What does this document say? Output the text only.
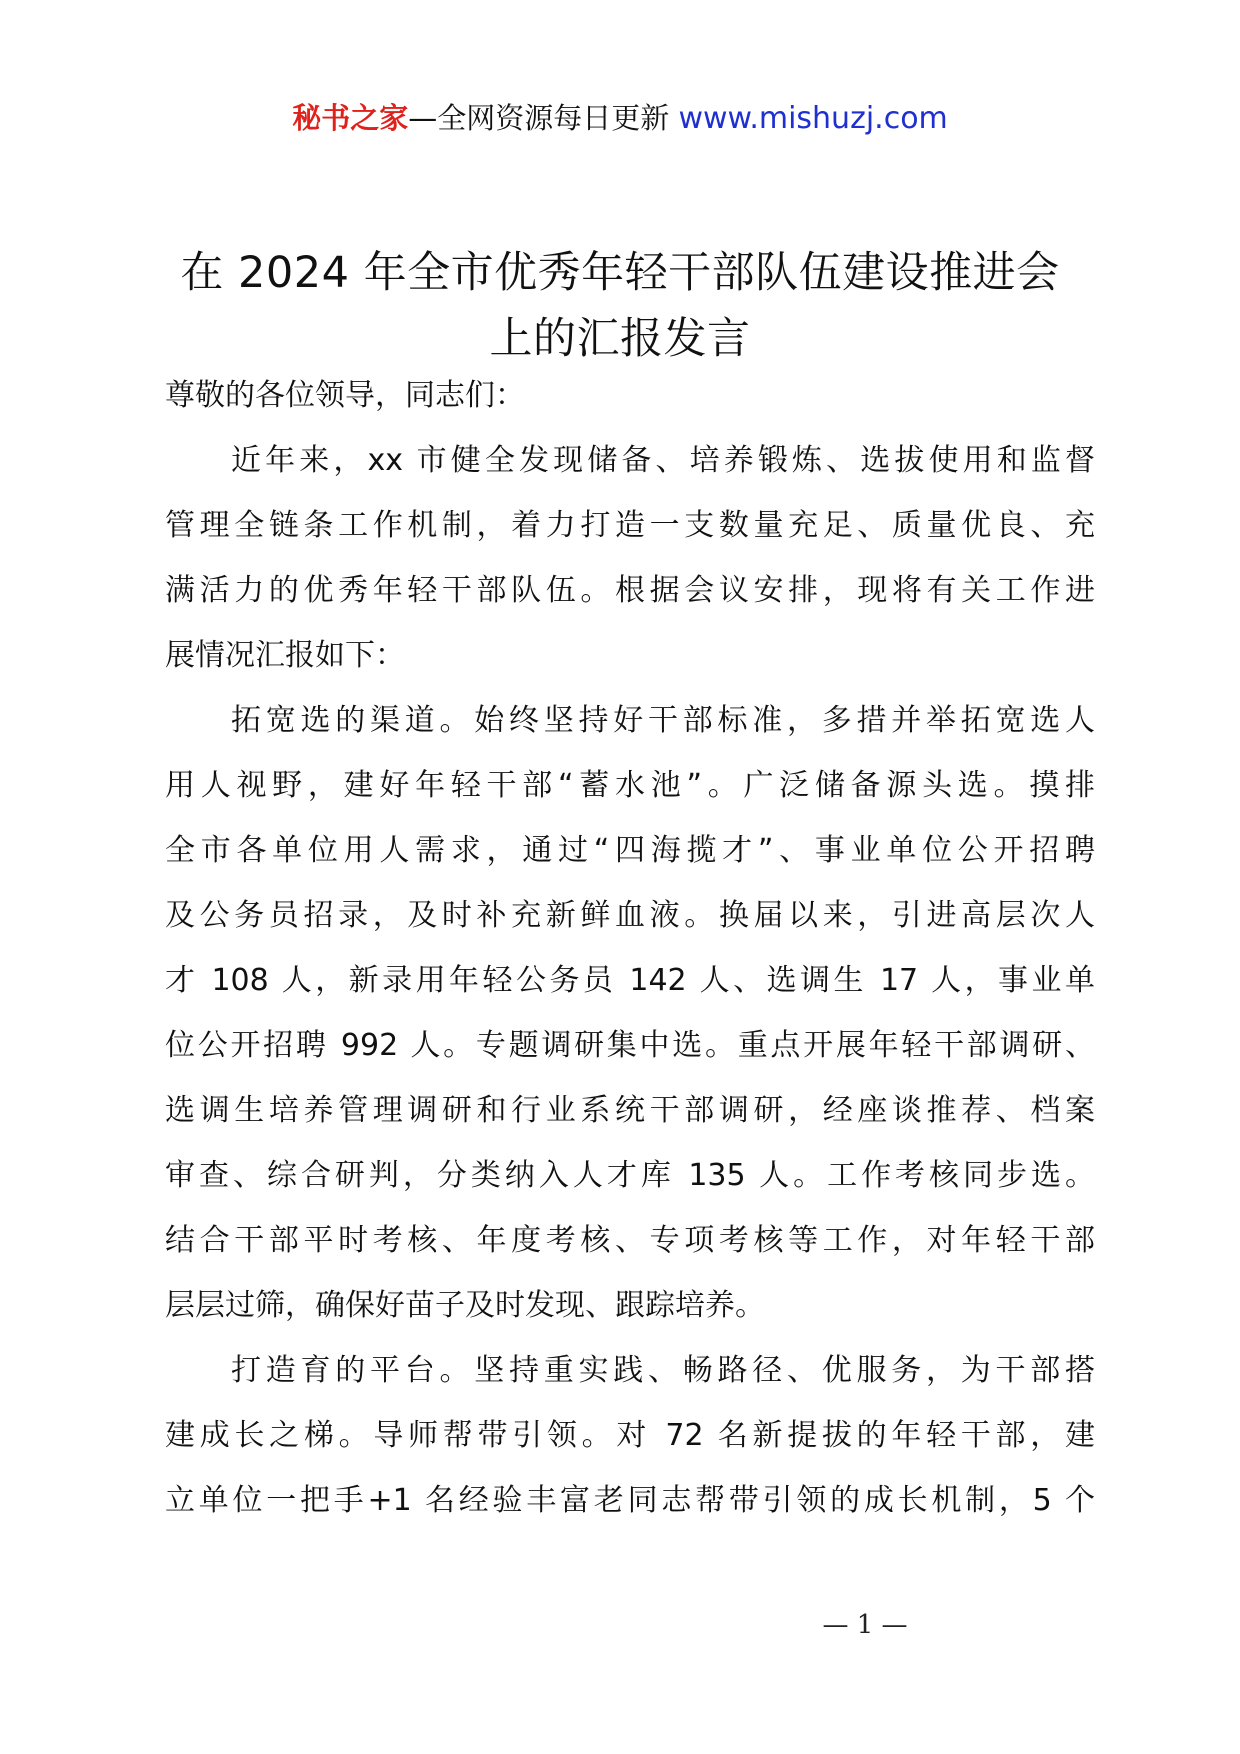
秘书之家—全网资源每日更新 www.mishuzj.com
在 2024 年全市优秀年轻干部队伍建设推进会
上的汇报发言
尊敬的各位领导，同志们：
近年来，xx 市健全发现储备、培养锻炼、选拔使用和监督
管理全链条工作机制，着力打造一支数量充足、质量优良、充
满活力的优秀年轻干部队伍。根据会议安排，现将有关工作进
展情况汇报如下：
拓宽选的渠道。始终坚持好干部标准，多措并举拓宽选人
用人视野，建好年轻干部“蓄水池”。广泛储备源头选。摸排
全市各单位用人需求，通过“四海揽才”、事业单位公开招聘
及公务员招录，及时补充新鲜血液。换届以来，引进高层次人
才 108 人，新录用年轻公务员 142 人、选调生 17 人，事业单
位公开招聘 992 人。专题调研集中选。重点开展年轻干部调研、
选调生培养管理调研和行业系统干部调研，经座谈推荐、档案
审查、综合研判，分类纳入人才库 135 人。工作考核同步选。
结合干部平时考核、年度考核、专项考核等工作，对年轻干部
层层过筛，确保好苗子及时发现、跟踪培养。
打造育的平台。坚持重实践、畅路径、优服务，为干部搭
建成长之梯。导师帮带引领。对 72 名新提拔的年轻干部，建
立单位一把手+1 名经验丰富老同志帮带引领的成长机制，5 个
— 1 —
